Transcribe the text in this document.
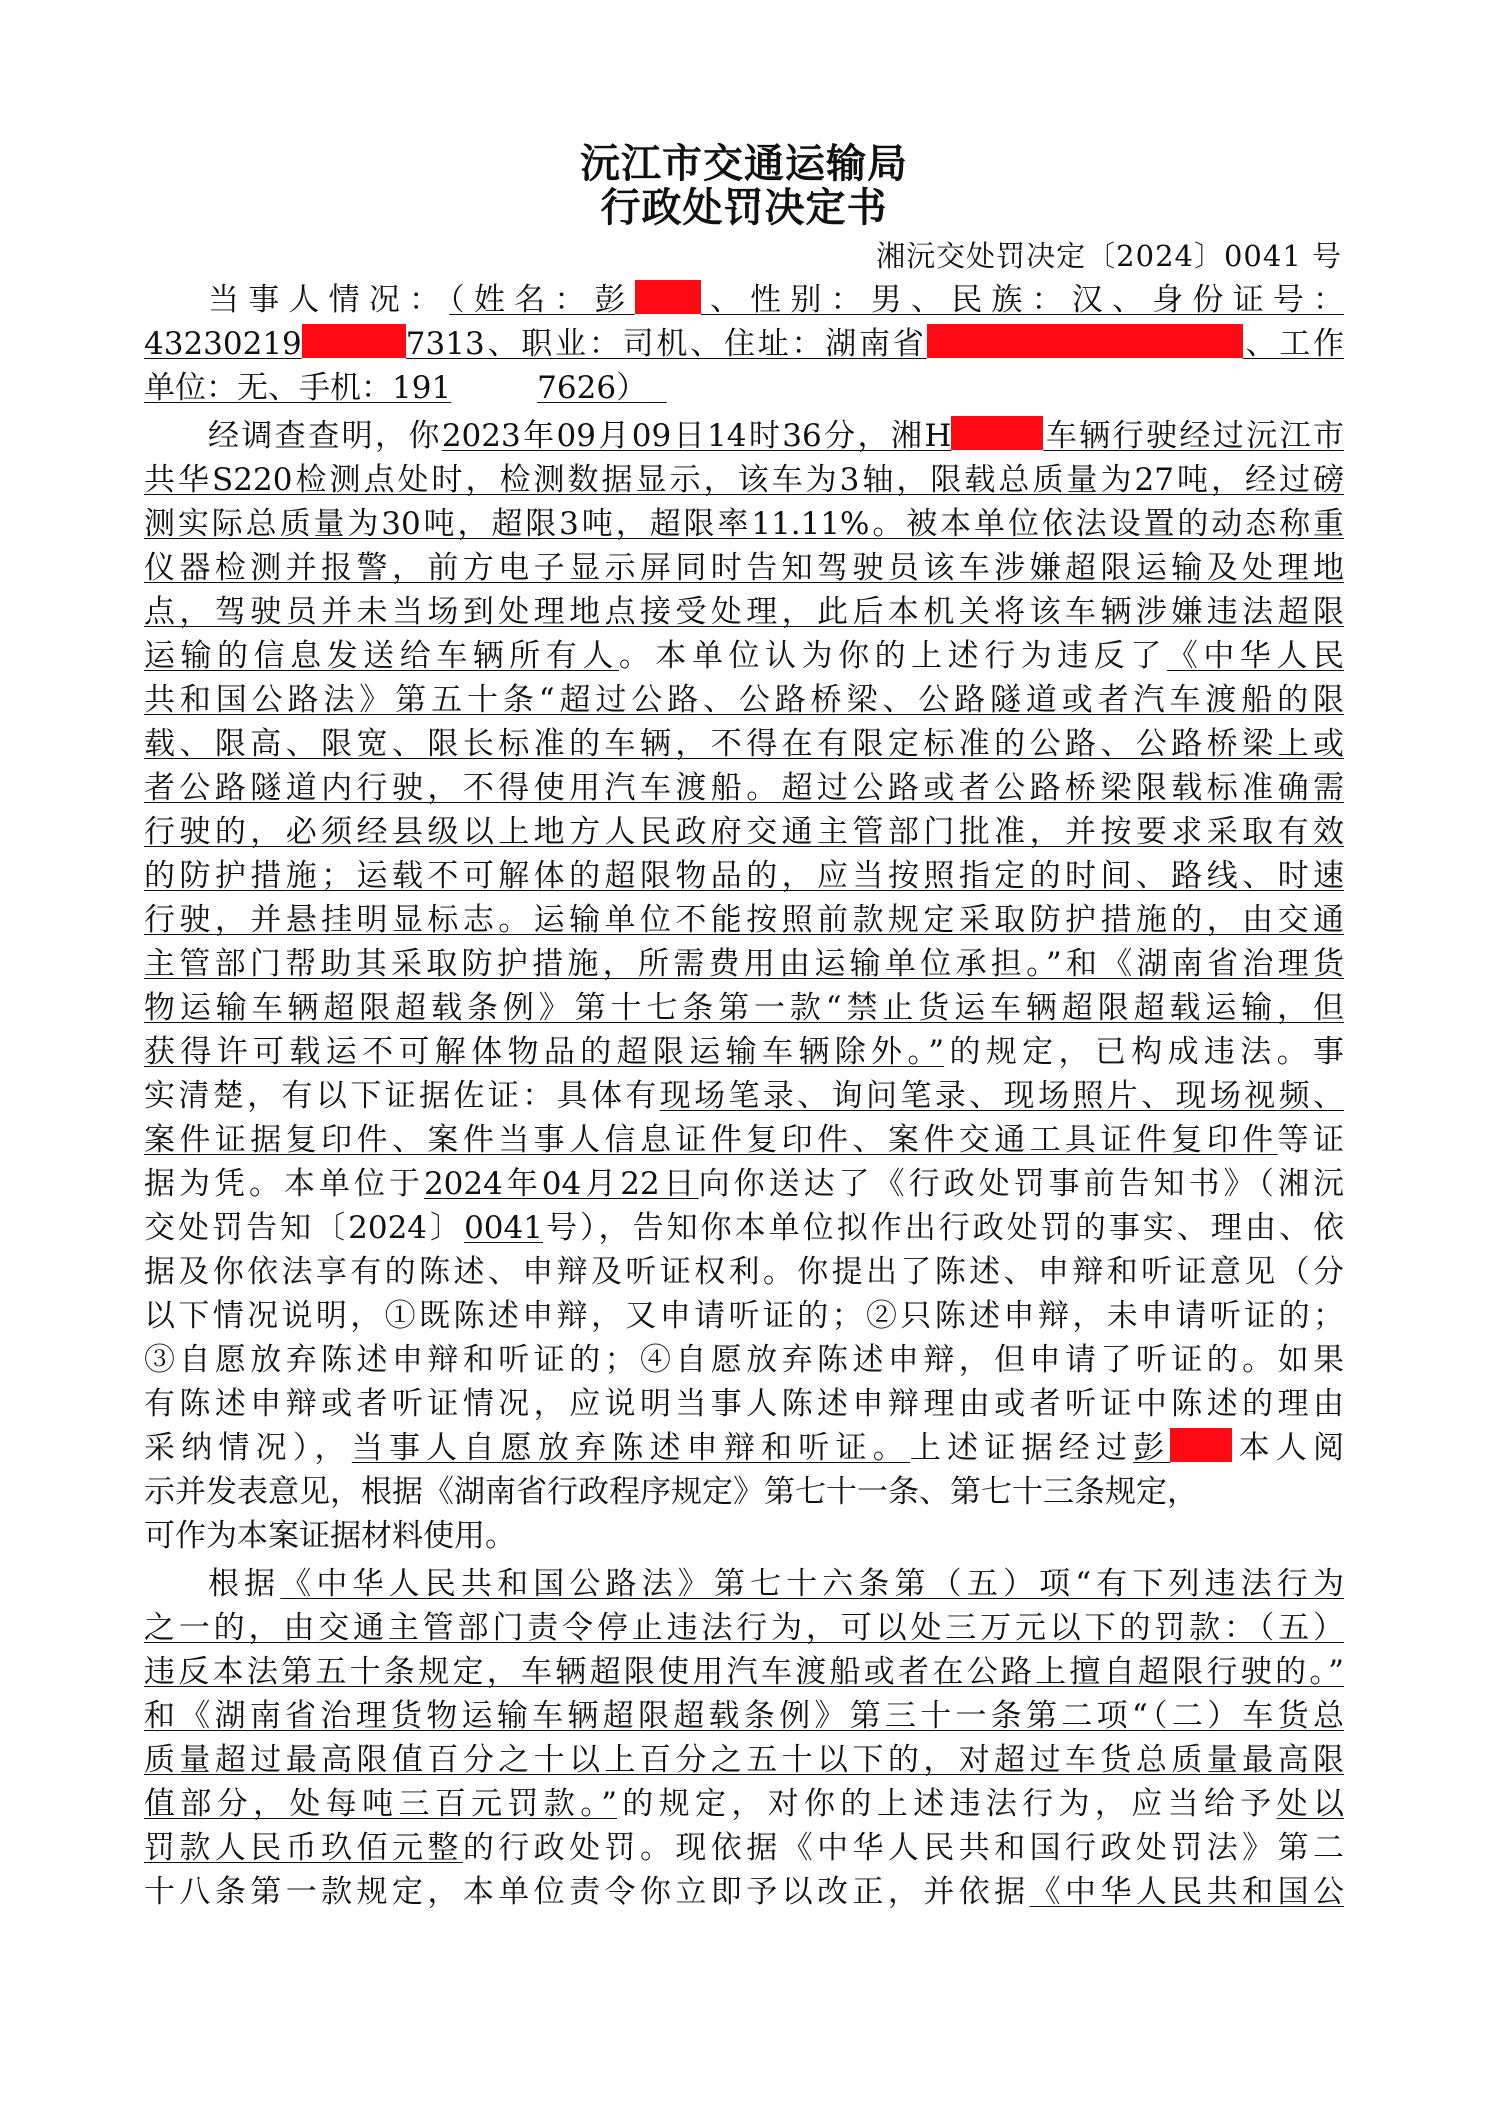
沅江市交通运输局
行政处罚决定书
湘沅交处罚决定〔2024〕0041 号
当事人情况：（姓名：彭 、性别：男、民族：汉、身份证号：
43230219	7313、职业：司机、住址：湖南省	、工作
单位：无、手机：191	7626）
经调查查明，你2023年09月09日14时36分，湘H	车辆行驶经过沅江市
共华S220检测点处时，检测数据显示，该车为3轴，限载总质量为27吨，经过磅
测实际总质量为30吨，超限3吨，超限率11.11%。被本单位依法设置的动态称重
仪器检测并报警，前方电子显示屏同时告知驾驶员该车涉嫌超限运输及处理地
点，驾驶员并未当场到处理地点接受处理，此后本机关将该车辆涉嫌违法超限
运输的信息发送给车辆所有人。本单位认为你的上述行为违反了《中华人民
共和国公路法》第五十条“超过公路、公路桥梁、公路隧道或者汽车渡船的限
载、限高、限宽、限长标准的车辆，不得在有限定标准的公路、公路桥梁上或
者公路隧道内行驶，不得使用汽车渡船。超过公路或者公路桥梁限载标准确需
行驶的，必须经县级以上地方人民政府交通主管部门批准，并按要求采取有效
的防护措施；运载不可解体的超限物品的，应当按照指定的时间、路线、时速
行驶，并悬挂明显标志。运输单位不能按照前款规定采取防护措施的，由交通
主管部门帮助其采取防护措施，所需费用由运输单位承担。”和《湖南省治理货
物运输车辆超限超载条例》第十七条第一款“禁止货运车辆超限超载运输，但
获得许可载运不可解体物品的超限运输车辆除外。”的规定，已构成违法。事
实清楚，有以下证据佐证：具体有现场笔录、询问笔录、现场照片、现场视频、
案件证据复印件、案件当事人信息证件复印件、案件交通工具证件复印件等证
据为凭。本单位于2024年04月22日向你送达了《行政处罚事前告知书》（湘沅
交处罚告知〔2024〕0041号），告知你本单位拟作出行政处罚的事实、理由、依
据及你依法享有的陈述、申辩及听证权利。你提出了陈述、申辩和听证意见（分
以下情况说明，①既陈述申辩，又申请听证的；②只陈述申辩，未申请听证的；
③自愿放弃陈述申辩和听证的；④自愿放弃陈述申辩，但申请了听证的。如果
有陈述申辩或者听证情况，应说明当事人陈述申辩理由或者听证中陈述的理由
采纳情况），当事人自愿放弃陈述申辩和听证。上述证据经过彭 本人阅
示并发表意见，根据《湖南省行政程序规定》第七十一条、第七十三条规定，
可作为本案证据材料使用。
根据《中华人民共和国公路法》第七十六条第（五）项“有下列违法行为
之一的，由交通主管部门责令停止违法行为，可以处三万元以下的罚款：（五）
违反本法第五十条规定，车辆超限使用汽车渡船或者在公路上擅自超限行驶的。”
和《湖南省治理货物运输车辆超限超载条例》第三十一条第二项“（二）车货总
质量超过最高限值百分之十以上百分之五十以下的，对超过车货总质量最高限
值部分，处每吨三百元罚款。”的规定，对你的上述违法行为，应当给予处以
罚款人民币玖佰元整的行政处罚。现依据《中华人民共和国行政处罚法》第二
十八条第一款规定，本单位责令你立即予以改正，并依据《中华人民共和国公
